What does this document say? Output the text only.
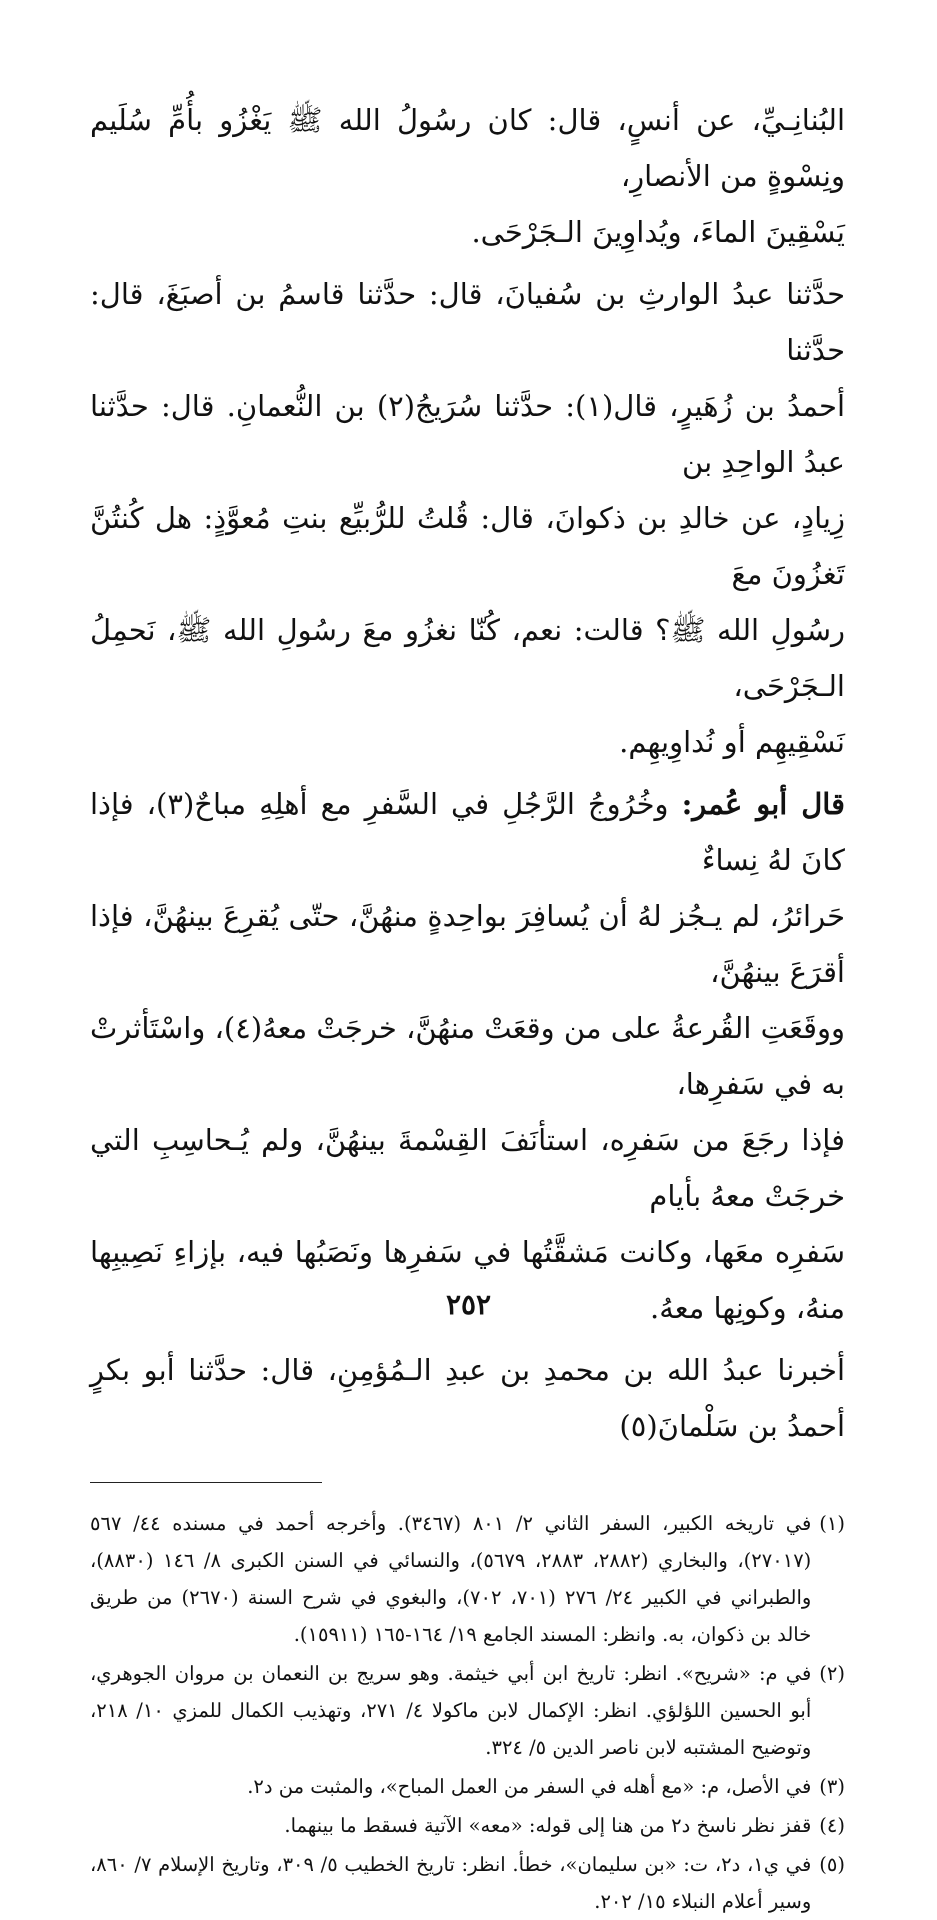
البُنانِـيِّ، عن أنسٍ، قال: كان رسُولُ الله ﷺ يَغْزُو بأُمِّ سُلَيم ونِسْوةٍ من الأنصارِ،
يَسْقِينَ الماءَ، ويُداوِينَ الـجَرْحَى.

حدَّثنا عبدُ الوارثِ بن سُفيانَ، قال: حدَّثنا قاسمُ بن أصبَغَ، قال: حدَّثنا
أحمدُ بن زُهَيرٍ، قال(١): حدَّثنا سُرَيجُ(٢) بن النُّعمانِ. قال: حدَّثنا عبدُ الواحِدِ بن
زِيادٍ، عن خالدِ بن ذكوانَ، قال: قُلتُ للرُّبيِّع بنتِ مُعوَّذٍ: هل كُنتُنَّ تَغزُونَ معَ
رسُولِ الله ﷺ؟ قالت: نعم، كُنّا نغزُو معَ رسُولِ الله ﷺ، نَحمِلُ الـجَرْحَى،
نَسْقِيهِم أو نُداوِيهِم.

قال أبو عُمر: وخُرُوجُ الرَّجُلِ في السَّفرِ مع أهلِهِ مباحٌ(٣)، فإذا كانَ لهُ نِساءٌ
حَرائرُ، لم يـجُز لهُ أن يُسافِرَ بواحِدةٍ منهُنَّ، حتّى يُقرِعَ بينهُنَّ، فإذا أقرَعَ بينهُنَّ،
ووقَعَتِ القُرعةُ على من وقعَتْ منهُنَّ، خرجَتْ معهُ(٤)، واسْتَأثرتْ به في سَفرِها،
فإذا رجَعَ من سَفرِه، استأنَفَ القِسْمةَ بينهُنَّ، ولم يُـحاسِبِ التي خرجَتْ معهُ بأيام
سَفرِه معَها، وكانت مَشقَّتُها في سَفرِها ونَصَبُها فيه، بإزاءِ نَصِيبِها منهُ، وكونِها معهُ.

أخبرنا عبدُ الله بن محمدِ بن عبدِ الـمُؤمِنِ، قال: حدَّثنا أبو بكرٍ أحمدُ بن سَلْمانَ(٥)

(١)
في تاريخه الكبير، السفر الثاني ٢/ ٨٠١ (٣٤٦٧). وأخرجه أحمد في مسنده ٤٤/ ٥٦٧ (٢٧٠١٧)، والبخاري (٢٨٨٢، ٢٨٨٣، ٥٦٧٩)، والنسائي في السنن الكبرى ٨/ ١٤٦ (٨٨٣٠)، والطبراني في الكبير ٢٤/ ٢٧٦ (٧٠١، ٧٠٢)، والبغوي في شرح السنة (٢٦٧٠) من طريق خالد بن ذكوان، به. وانظر: المسند الجامع ١٩/ ١٦٤-١٦٥ (١٥٩١١).
(٢)
في م: «شريح». انظر: تاريخ ابن أبي خيثمة. وهو سريج بن النعمان بن مروان الجوهري، أبو الحسين اللؤلؤي. انظر: الإكمال لابن ماكولا ٤/ ٢٧١، وتهذيب الكمال للمزي ١٠/ ٢١٨، وتوضيح المشتبه لابن ناصر الدين ٥/ ٣٢٤.
(٣)
في الأصل، م: «مع أهله في السفر من العمل المباح»، والمثبت من د٢.
(٤)
قفز نظر ناسخ د٢ من هنا إلى قوله: «معه» الآتية فسقط ما بينهما.
(٥)
في ي١، د٢، ت: «بن سليمان»، خطأ. انظر: تاريخ الخطيب ٥/ ٣٠٩، وتاريخ الإسلام ٧/ ٨٦٠، وسير أعلام النبلاء ١٥/ ٢٠٢.
٢٥٢
